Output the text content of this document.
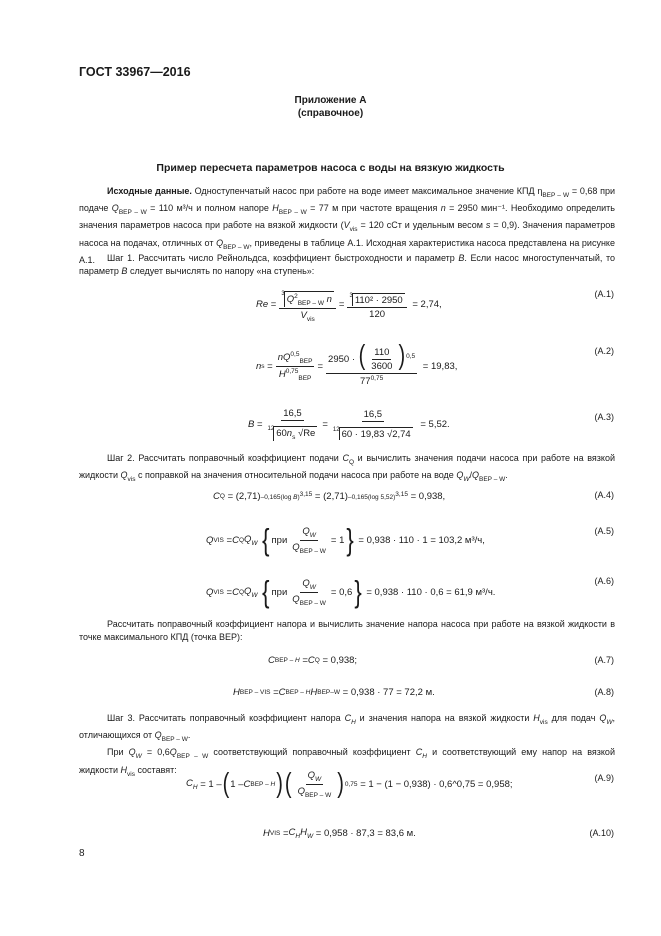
ГОСТ 33967—2016
Приложение А
(справочное)
Пример пересчета параметров насоса с воды на вязкую жидкость

Исходные данные. Одноступенчатый насос при работе на воде имеет максимальное значение КПД $\eta_{BEP - W} = 0,68$ при подаче $Q_{BEP - W} = 110$ м³/ч и полном напоре $H_{BEP - W} = 77$ м при частоте вращения n = 2950 мин⁻¹. Необходимо определить значения параметров насоса при работе на вязкой жидкости ($V_{vis} = 120$ сСт и удельным весом s = 0,9). Значения параметров насоса на подачах, отличных от $Q_{BEP - W}$, приведены в таблице А.1. Исходная характеристика насоса представлена на рисунке А.1.	Шаг 1. Рассчитать число Рейнольдса, коэффициент быстроходности и параметр B. Если насос многоступенчатый, то параметр B следует вычислять по напору «на ступень»:

Re = 3
$Q^2_{BEP - W}$ n
$V_{vis} = \frac{\text{3 110² · 2950}}{120}$
= 2,74,
(А.1)
n $s = \frac{nQ^{0,5}_{BEP}}{H^{0,75}_{BEP}} = \frac{2950 \cdot ( \frac{110}{3600} )^{0,5}}{77^{0,75}}$
= 19,83,
(А.2)
$B = \frac{16,5}{12 60n_s √Re} = \frac{16,5}{12 60 \cdot 19,83 √2,74}$
= 5,52.
(А.3)

Шаг 2. Рассчитать поправочный коэффициент подачи $C_Q$ и вычислить значения подачи насоса при работе на вязкой жидкости $Q_{vis}$ с поправкой на значения относительной подачи насоса при работе на воде $Q_W/Q_{BEP - W}$.

C Q = (2,71) –0,165(log B)$^{3,15}$ = (2,71) –0,165(log 5,52)$^{3,15}$
= 0,938,	(А.4)
Q VIS = C Q $Q_W$
{ при $\frac{Q_W}{Q_{BEP - W}} = 1$ }
= 0,938 · 110 · 1 = 103,2 м³/ч,
(А.5)
Q VIS = C Q $Q_W$
{ при $\frac{Q_W}{Q_{BEP - W}} = 0,6$ }
= 0,938 · 110 · 0,6 = 61,9 м³/ч.
(А.6)

Рассчитать поправочный коэффициент напора и вычислить значение напора насоса при работе на вязкой жидкости в точке максимального КПД (точка BEP):

C BEP – H = C Q
= 0,938;	(А.7)
H BEP – VIS = C BEP – H H BEP–W
= 0,938 · 77 = 72,2 м.	(А.8)

Шаг 3. Рассчитать поправочный коэффициент напора $C_H$ и значения напора на вязкой жидкости $H_{vis}$ для подач $Q_W$, отличающихся от $Q_{BEP - W}$.

При $Q_W = 0,6Q_{BEP - W}$ соответствующий поправочный коэффициент $C_H$ и соответствующий ему напор на вязкой жидкости $H_{vis}$ составят:

$C_H = 1$ – ( 1 – C BEP – H ) ( $\frac{Q_W}{Q_{BEP - W}}$ ) 0,75
= 1 − (1 − 0,938) · 0,6^0,75 = 0,958;
(А.9)
H VIS = $C_HH_W$
= 0,958 · 87,3 = 83,6 м.	(А.10)
8
